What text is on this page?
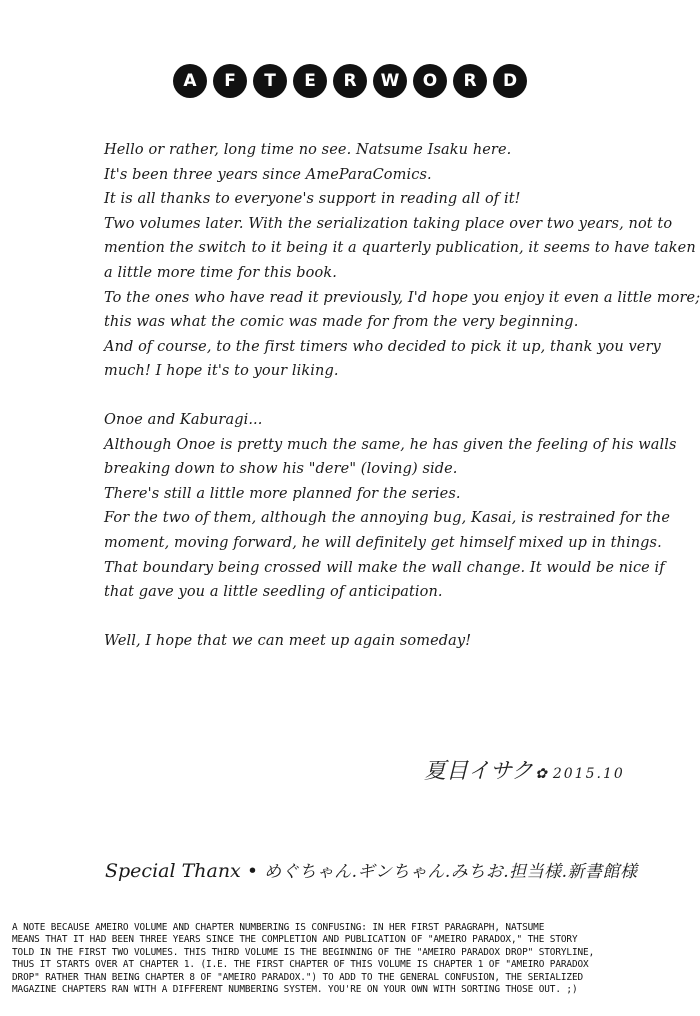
A	F	T	E	R	W	O	R	D
Hello or rather, long time no see. Natsume Isaku here.
It's been three years since AmeParaComics.
It is all thanks to everyone's support in reading all of it!
Two volumes later. With the serialization taking place over two years, not to
mention the switch to it being it a quarterly publication, it seems to have taken
a little more time for this book.
To the ones who have read it previously, I'd hope you enjoy it even a little more;
this was what the comic was made for from the very beginning.
And of course, to the first timers who decided to pick it up, thank you very
much! I hope it's to your liking.
Onoe and Kaburagi...
Although Onoe is pretty much the same, he has given the feeling of his walls
breaking down to show his "dere" (loving) side.
There's still a little more planned for the series.
For the two of them, although the annoying bug, Kasai, is restrained for the
moment, moving forward, he will definitely get himself mixed up in things.
That boundary being crossed will make the wall change. It would be nice if
that gave you a little seedling of anticipation.
Well, I hope that we can meet up again someday!
夏目イサク ✿ 2015.10
Special Thanx • めぐちゃん.ギンちゃん.みちお.担当様.新書館様
A NOTE BECAUSE AMEIRO VOLUME AND CHAPTER NUMBERING IS CONFUSING: IN HER FIRST PARAGRAPH, NATSUME
MEANS THAT IT HAD BEEN THREE YEARS SINCE THE COMPLETION AND PUBLICATION OF "AMEIRO PARADOX," THE STORY
TOLD IN THE FIRST TWO VOLUMES. THIS THIRD VOLUME IS THE BEGINNING OF THE "AMEIRO PARADOX DROP" STORYLINE,
THUS IT STARTS OVER AT CHAPTER 1. (I.E. THE FIRST CHAPTER OF THIS VOLUME IS CHAPTER 1 OF "AMEIRO PARADOX
DROP" RATHER THAN BEING CHAPTER 8 OF "AMEIRO PARADOX.") TO ADD TO THE GENERAL CONFUSION, THE SERIALIZED
MAGAZINE CHAPTERS RAN WITH A DIFFERENT NUMBERING SYSTEM. YOU'RE ON YOUR OWN WITH SORTING THOSE OUT. ;)
